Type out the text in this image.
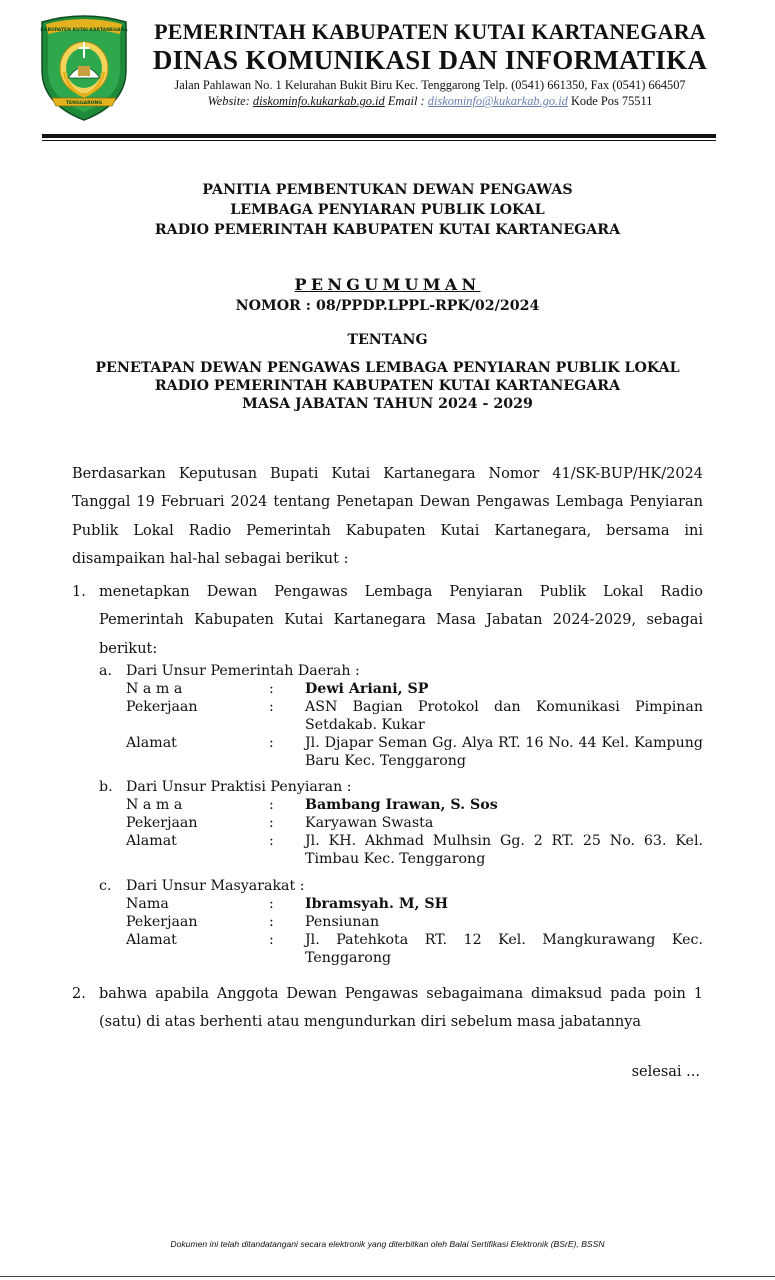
KABUPATEN KUTAI KARTANEGARA
TENGGARONG
PEMERINTAH KABUPATEN KUTAI KARTANEGARA
DINAS KOMUNIKASI DAN INFORMATIKA
Jalan Pahlawan No. 1 Kelurahan Bukit Biru Kec. Tenggarong Telp. (0541) 661350, Fax (0541) 664507
Website: diskominfo.kukarkab.go.id Email : diskominfo@kukarkab.go.id Kode Pos 75511
PANITIA PEMBENTUKAN DEWAN PENGAWAS
LEMBAGA PENYIARAN PUBLIK LOKAL
RADIO PEMERINTAH KABUPATEN KUTAI KARTANEGARA
PENGUMUMAN
NOMOR : 08/PPDP.LPPL-RPK/02/2024
TENTANG
PENETAPAN DEWAN PENGAWAS LEMBAGA PENYIARAN PUBLIK LOKAL
RADIO PEMERINTAH KABUPATEN KUTAI KARTANEGARA
MASA JABATAN TAHUN 2024 - 2029
Berdasarkan Keputusan Bupati Kutai Kartanegara Nomor 41/SK-BUP/HK/2024 Tanggal 19 Februari 2024 tentang Penetapan Dewan Pengawas Lembaga Penyiaran Publik Lokal Radio Pemerintah Kabupaten Kutai Kartanegara, bersama ini disampaikan hal-hal sebagai berikut :
1. menetapkan Dewan Pengawas Lembaga Penyiaran Publik Lokal Radio Pemerintah Kabupaten Kutai Kartanegara Masa Jabatan 2024-2029, sebagai berikut:
a. Dari Unsur Pemerintah Daerah :
N a m a	: Dewi Ariani, SP
Pekerjaan	: ASN Bagian Protokol dan Komunikasi Pimpinan Setdakab. Kukar
Alamat	: Jl. Djapar Seman Gg. Alya RT. 16 No. 44 Kel. Kampung Baru Kec. Tenggarong
b. Dari Unsur Praktisi Penyiaran :
N a m a	: Bambang Irawan, S. Sos
Pekerjaan	: Karyawan Swasta
Alamat	: Jl. KH. Akhmad Mulhsin Gg. 2 RT. 25 No. 63. Kel. Timbau Kec. Tenggarong
c. Dari Unsur Masyarakat :
Nama	: Ibramsyah. M, SH
Pekerjaan	: Pensiunan
Alamat	: Jl. Patehkota RT. 12 Kel. Mangkurawang Kec. Tenggarong
2. bahwa apabila Anggota Dewan Pengawas sebagaimana dimaksud pada poin 1 (satu) di atas berhenti atau mengundurkan diri sebelum masa jabatannya
selesai ...
Dokumen ini telah ditandatangani secara elektronik yang diterbitkan oleh Balai Sertifikasi Elektronik (BSrE), BSSN
